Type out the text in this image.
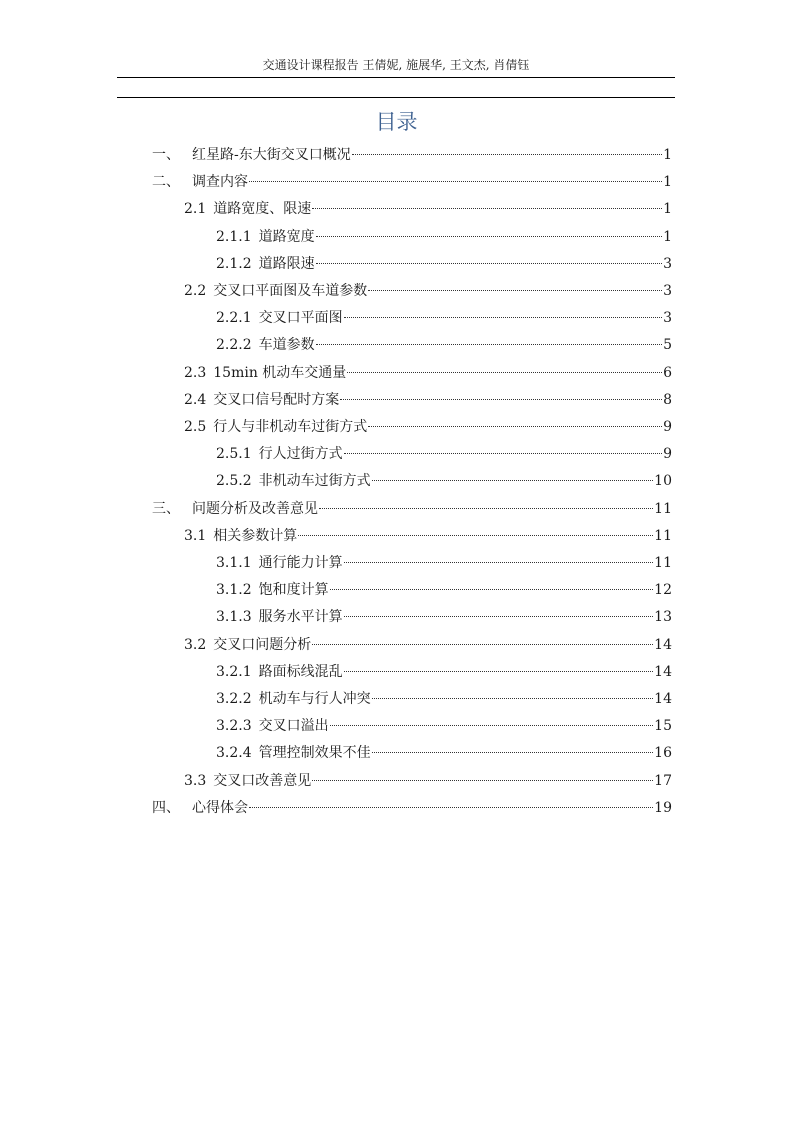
交通设计课程报告 王倩妮, 施展华, 王文杰, 肖倩钰
目录
一、 红星路-东大街交叉口概况	1
二、 调查内容	1
2.1 道路宽度、限速	1
2.1.1 道路宽度	1
2.1.2 道路限速	3
2.2 交叉口平面图及车道参数	3
2.2.1 交叉口平面图	3
2.2.2 车道参数	5
2.3 15min 机动车交通量	6
2.4 交叉口信号配时方案	8
2.5 行人与非机动车过街方式	9
2.5.1 行人过街方式	9
2.5.2 非机动车过街方式	10
三、 问题分析及改善意见	11
3.1 相关参数计算	11
3.1.1 通行能力计算	11
3.1.2 饱和度计算	12
3.1.3 服务水平计算	13
3.2 交叉口问题分析	14
3.2.1 路面标线混乱	14
3.2.2 机动车与行人冲突	14
3.2.3 交叉口溢出	15
3.2.4 管理控制效果不佳	16
3.3 交叉口改善意见	17
四、 心得体会	19
